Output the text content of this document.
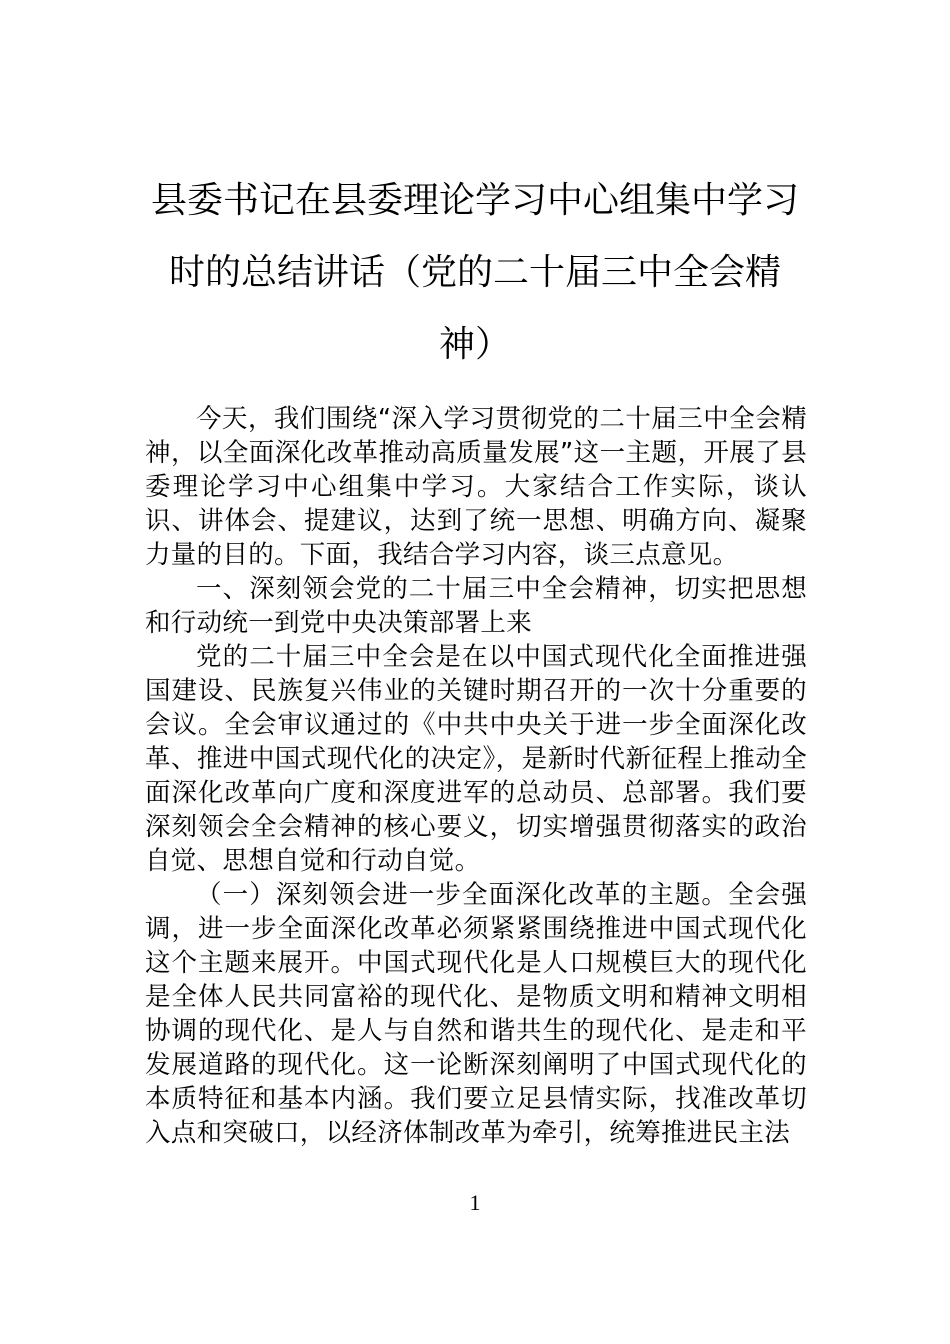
县委书记在县委理论学习中心组集中学习
时的总结讲话（党的二十届三中全会精
神）

今天，我们围绕“深入学习贯彻党的二十届三中全会精神，以全面深化改革推动高质量发展”这一主题，开展了县委理论学习中心组集中学习。大家结合工作实际，谈认识、讲体会、提建议，达到了统一思想、明确方向、凝聚力量的目的。下面，我结合学习内容，谈三点意见。

一、深刻领会党的二十届三中全会精神，切实把思想和行动统一到党中央决策部署上来

党的二十届三中全会是在以中国式现代化全面推进强国建设、民族复兴伟业的关键时期召开的一次十分重要的会议。全会审议通过的《中共中央关于进一步全面深化改革、推进中国式现代化的决定》，是新时代新征程上推动全面深化改革向广度和深度进军的总动员、总部署。我们要深刻领会全会精神的核心要义，切实增强贯彻落实的政治自觉、思想自觉和行动自觉。

（一）深刻领会进一步全面深化改革的主题。全会强调，进一步全面深化改革必须紧紧围绕推进中国式现代化这个主题来展开。中国式现代化是人口规模巨大的现代化是全体人民共同富裕的现代化、是物质文明和精神文明相协调的现代化、是人与自然和谐共生的现代化、是走和平发展道路的现代化。这一论断深刻阐明了中国式现代化的本质特征和基本内涵。我们要立足县情实际，找准改革切入点和突破口，以经济体制改革为牵引，统筹推进民主法

1
